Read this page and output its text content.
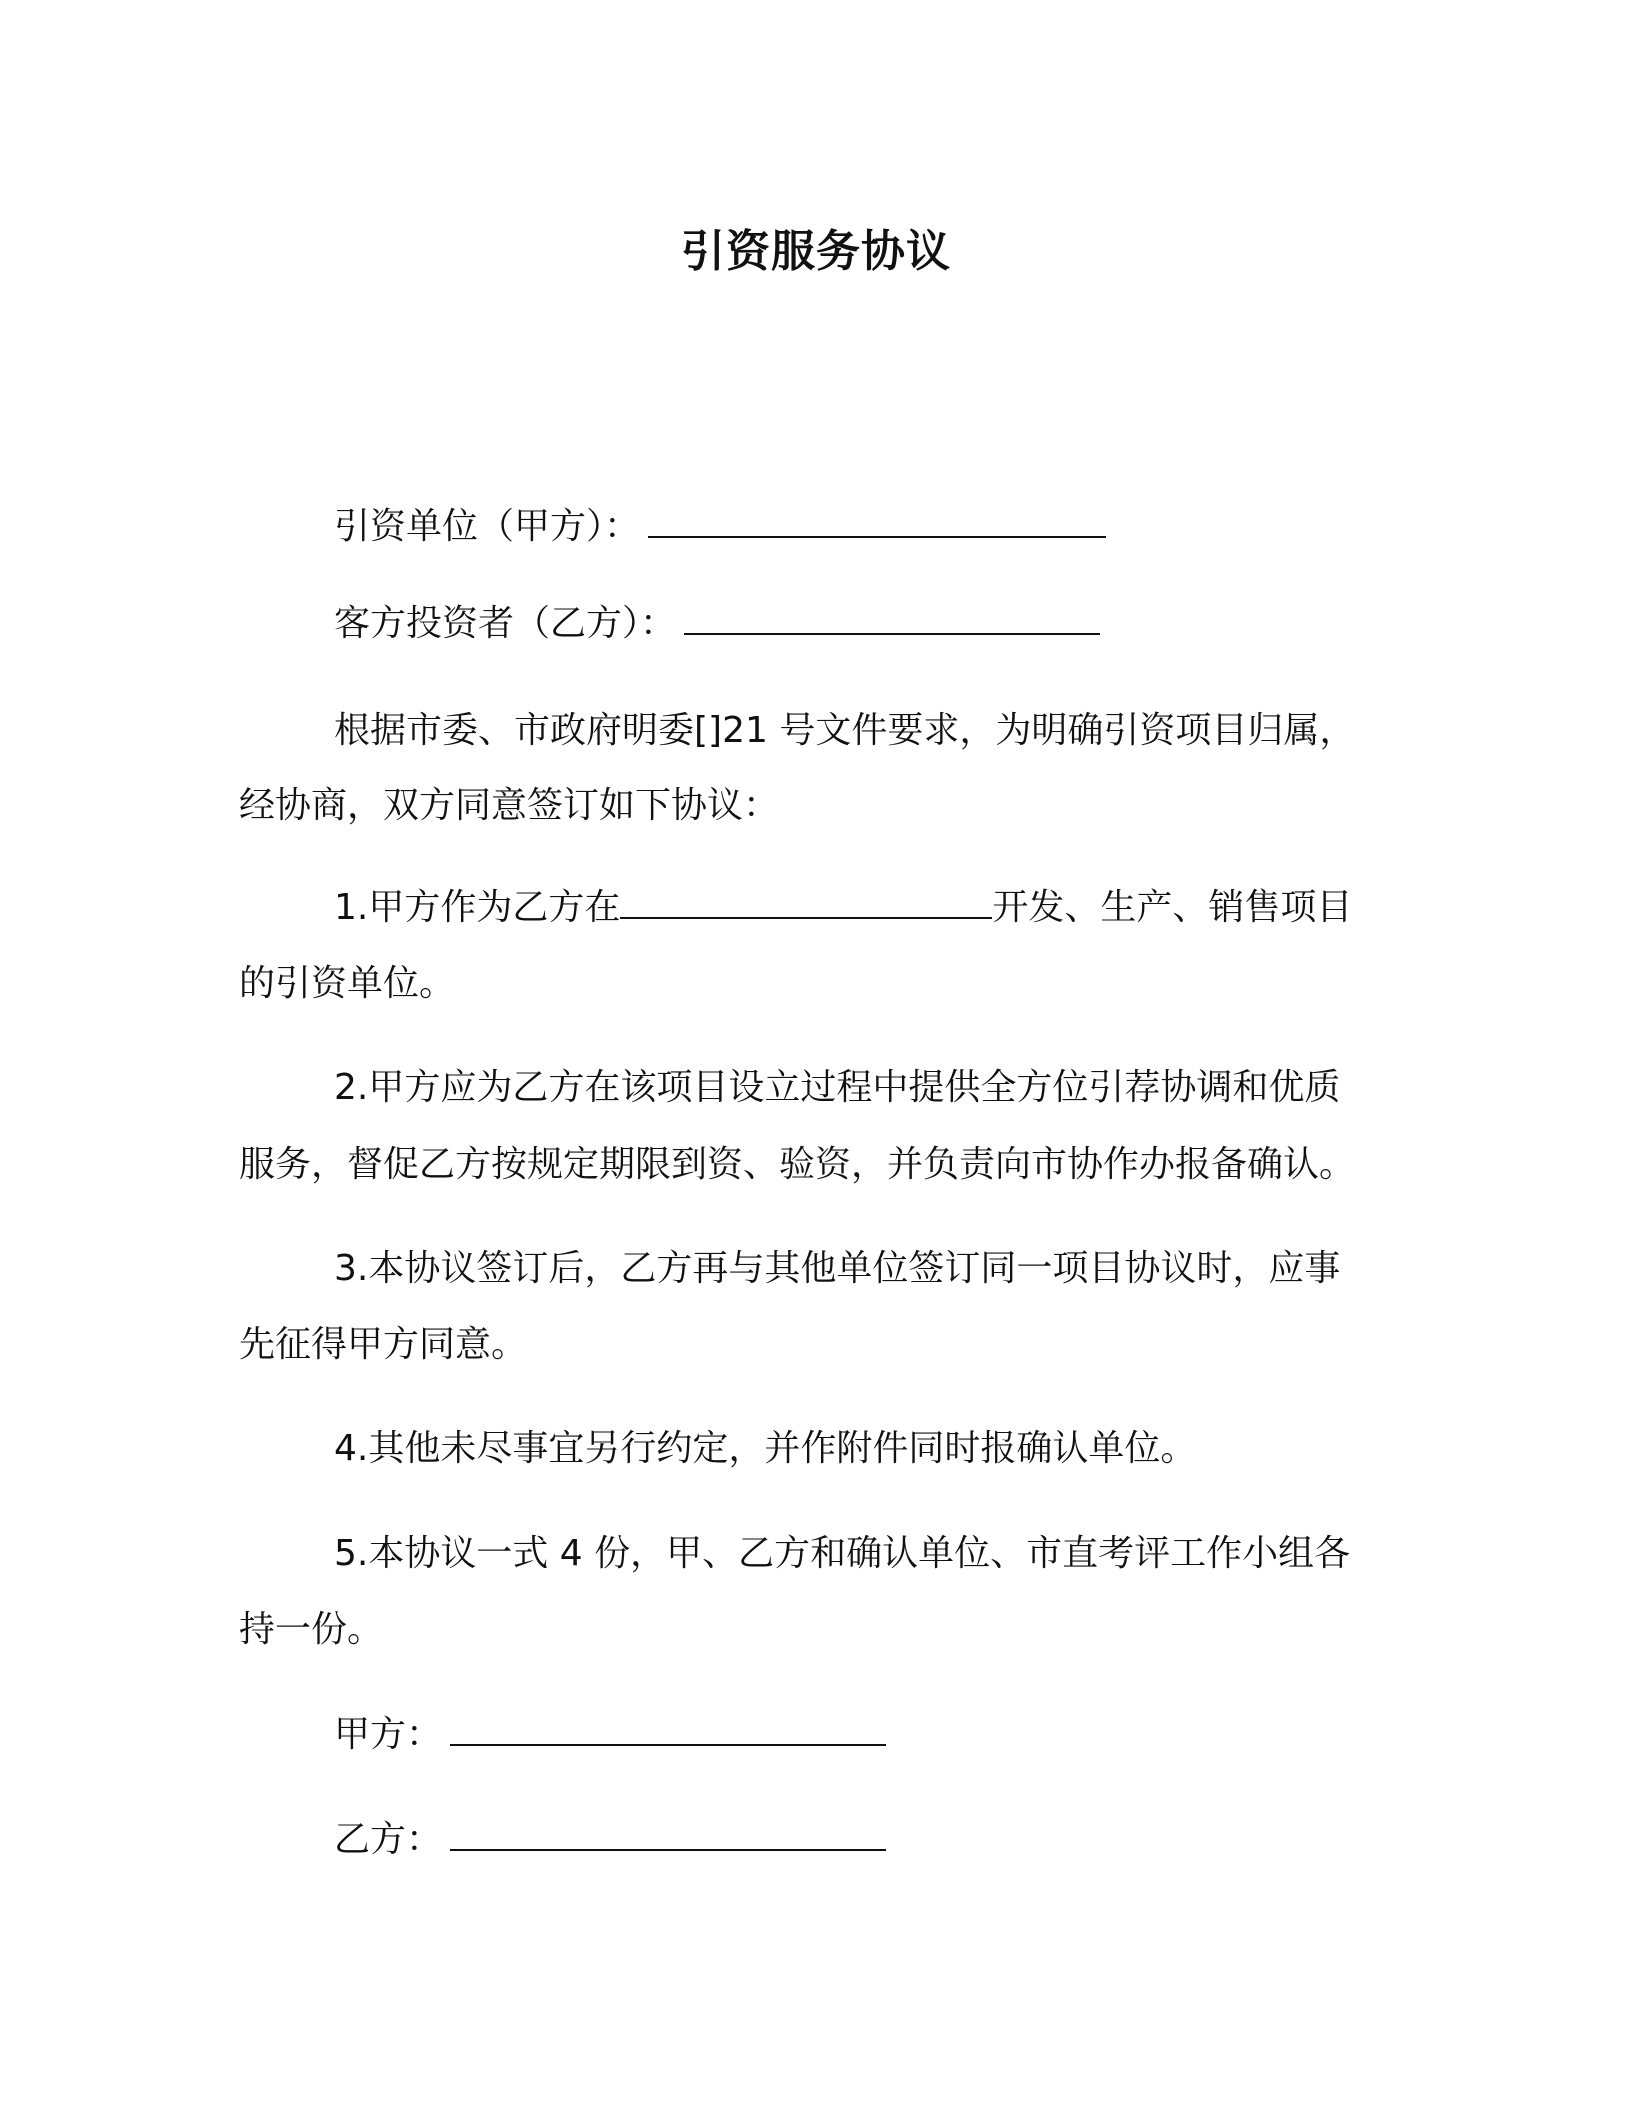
引资服务协议
引资单位（甲方）：
客方投资者（乙方）：
根据市委、市政府明委[]21 号文件要求，为明确引资项目归属，
经协商，双方同意签订如下协议：
1.甲方作为乙方在	开发、生产、销售项目
的引资单位。
2.甲方应为乙方在该项目设立过程中提供全方位引荐协调和优质
服务，督促乙方按规定期限到资、验资，并负责向市协作办报备确认。
3.本协议签订后，乙方再与其他单位签订同一项目协议时，应事
先征得甲方同意。
4.其他未尽事宜另行约定，并作附件同时报确认单位。
5.本协议一式 4 份，甲、乙方和确认单位、市直考评工作小组各
持一份。
甲方：
乙方：
